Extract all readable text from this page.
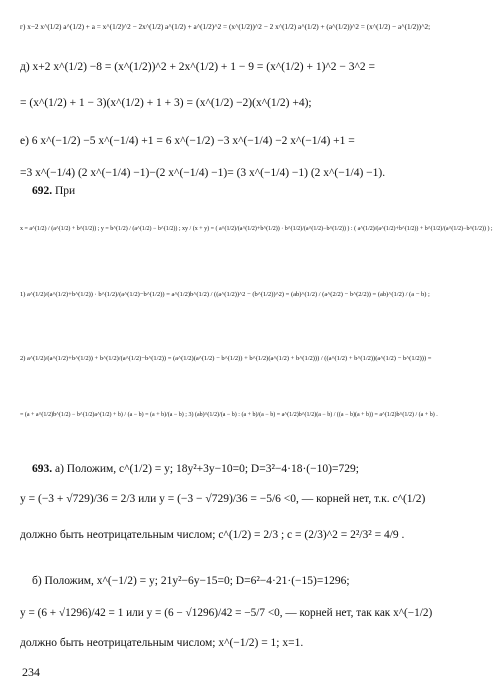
г) x−2 x^(1/2) a^(1/2) + a = x^(1/2)^2 − 2x^(1/2) a^(1/2) + a^(1/2)^2 = (x^(1/2))^2 − 2 x^(1/2) a^(1/2) + (a^(1/2))^2 = (x^(1/2) − a^(1/2))^2;
д) x+2 x^(1/2) −8 = (x^(1/2))^2 + 2x^(1/2) + 1 − 9 = (x^(1/2) + 1)^2 − 3^2 =
= (x^(1/2) + 1 − 3)(x^(1/2) + 1 + 3) = (x^(1/2) −2)(x^(1/2) +4);
е) 6 x^(−1/2) −5 x^(−1/4) +1 = 6 x^(−1/2) −3 x^(−1/4) −2 x^(−1/4) +1 =
=3 x^(−1/4) (2 x^(−1/4) −1)−(2 x^(−1/4) −1)= (3 x^(−1/4) −1) (2 x^(−1/4) −1).
692. При
x = a^(1/2) / (a^(1/2) + b^(1/2)) ; y = b^(1/2) / (a^(1/2) − b^(1/2)) ; xy / (x + y) = ( a^(1/2)/(a^(1/2)+b^(1/2)) · b^(1/2)/(a^(1/2)−b^(1/2)) ) : ( a^(1/2)/(a^(1/2)+b^(1/2)) + b^(1/2)/(a^(1/2)−b^(1/2)) ) ;
1) a^(1/2)/(a^(1/2)+b^(1/2)) · b^(1/2)/(a^(1/2)−b^(1/2)) = a^(1/2)b^(1/2) / ((a^(1/2))^2 − (b^(1/2))^2) = (ab)^(1/2) / (a^(2/2) − b^(2/2)) = (ab)^(1/2) / (a − b) ;
2) a^(1/2)/(a^(1/2)+b^(1/2)) + b^(1/2)/(a^(1/2)−b^(1/2)) = (a^(1/2)(a^(1/2) − b^(1/2)) + b^(1/2)(a^(1/2) + b^(1/2))) / ((a^(1/2) + b^(1/2))(a^(1/2) − b^(1/2))) =
= (a + a^(1/2)b^(1/2) − b^(1/2)a^(1/2) + b) / (a − b) = (a + b)/(a − b) ; 3) (ab)^(1/2)/(a − b) : (a + b)/(a − b) = a^(1/2)b^(1/2)(a − b) / ((a − b)(a + b)) = a^(1/2)b^(1/2) / (a + b) .
693. а) Положим, c^(1/2) = y; 18y²+3y−10=0; D=3²−4·18·(−10)=729;
y = (−3 + √729)/36 = 2/3 или y = (−3 − √729)/36 = −5/6 <0, — корней нет, т.к. c^(1/2)
должно быть неотрицательным числом; c^(1/2) = 2/3 ; c = (2/3)^2 = 2²/3² = 4/9 .
б) Положим, x^(−1/2) = y; 21y²−6y−15=0; D=6²−4·21·(−15)=1296;
y = (6 + √1296)/42 = 1 или y = (6 − √1296)/42 = −5/7 <0, — корней нет, так как x^(−1/2)
должно быть неотрицательным числом; x^(−1/2) = 1; x=1.
234
